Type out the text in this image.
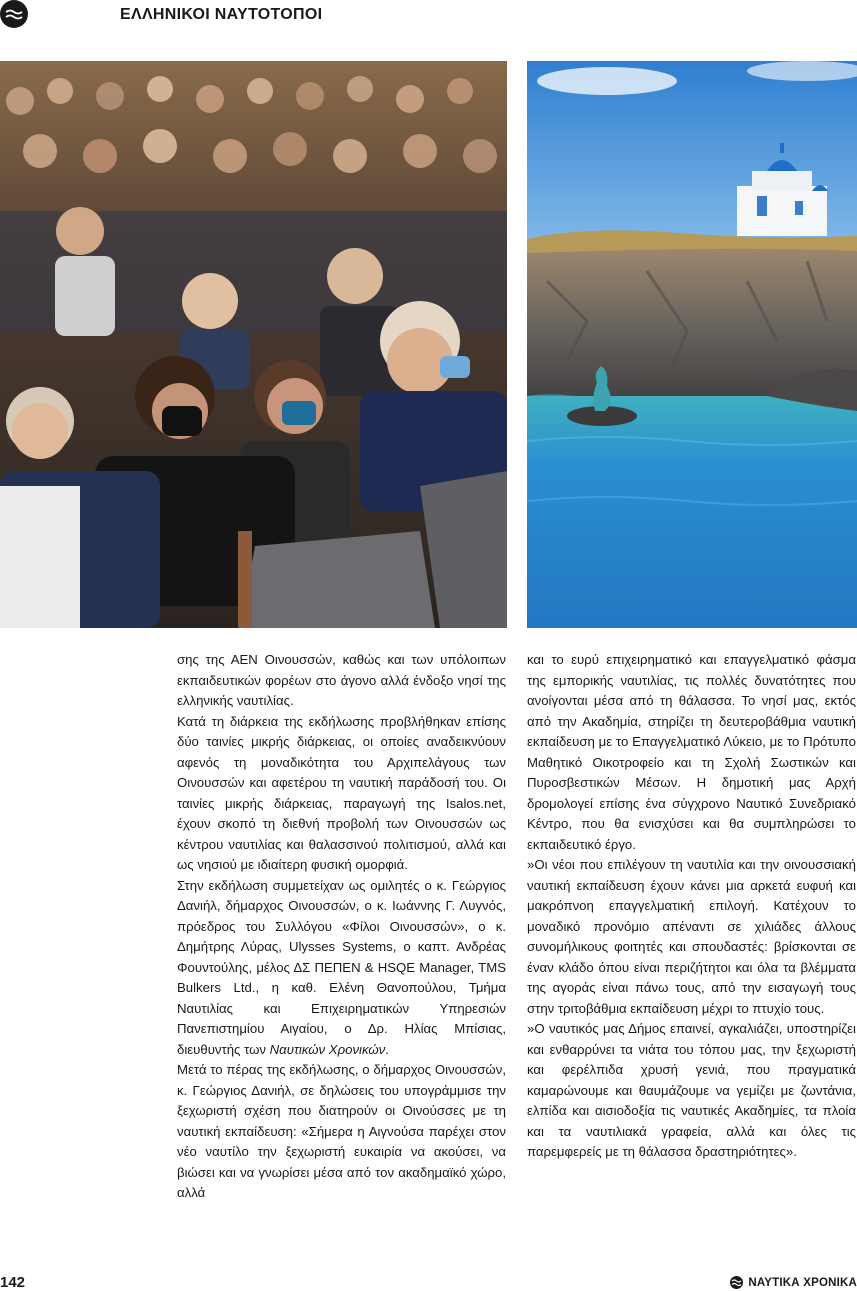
ΕΛΛΗΝΙΚΟΙ ΝΑΥΤΟΤΟΠΟΙ

σης της ΑΕΝ Οινουσσών, καθώς και των υπόλοιπων εκπαιδευτικών φορέων στο άγονο αλλά ένδοξο νησί της ελληνικής ναυτιλίας.

Κατά τη διάρκεια της εκδήλωσης προβλήθηκαν επίσης δύο ταινίες μικρής διάρκειας, οι οποίες αναδεικνύουν αφενός τη μοναδικότητα του Αρχιπελάγους των Οινουσσών και αφετέρου τη ναυτική παράδοσή του. Οι ταινίες μικρής διάρκειας, παραγωγή της Isalos.net, έχουν σκοπό τη διεθνή προβολή των Οινουσσών ως κέντρου ναυτιλίας και θαλασσινού πολιτισμού, αλλά και ως νησιού με ιδιαίτερη φυσική ομορφιά.

Στην εκδήλωση συμμετείχαν ως ομιλητές ο κ. Γεώργιος Δανιήλ, δήμαρχος Οινουσσών, ο κ. Ιωάννης Γ. Λυγνός, πρόεδρος του Συλλόγου «Φίλοι Οινουσσών», ο κ. Δημήτρης Λύρας, Ulysses Systems, ο καπτ. Ανδρέας Φουντούλης, μέλος ΔΣ ΠΕΠΕΝ & HSQE Manager, TMS Bulkers Ltd., η καθ. Ελένη Θανοπούλου, Τμήμα Ναυτιλίας και Επιχειρηματικών Υπηρεσιών Πανεπιστημίου Αιγαίου, ο Δρ. Ηλίας Μπίσιας, διευθυντής των Ναυτικών Χρονικών.

Μετά το πέρας της εκδήλωσης, ο δήμαρχος Οινουσσών, κ. Γεώργιος Δανιήλ, σε δηλώσεις του υπογράμμισε την ξεχωριστή σχέση που διατηρούν οι Οινούσσες με τη ναυτική εκπαίδευση: «Σήμερα η Αιγνούσα παρέχει στον νέο ναυτίλο την ξεχωριστή ευκαιρία να ακούσει, να βιώσει και να γνωρίσει μέσα από τον ακαδημαϊκό χώρο, αλλά

και το ευρύ επιχειρηματικό και επαγγελματικό φάσμα της εμπορικής ναυτιλίας, τις πολλές δυνατότητες που ανοίγονται μέσα από τη θάλασσα. Το νησί μας, εκτός από την Ακαδημία, στηρίζει τη δευτεροβάθμια ναυτική εκπαίδευση με το Επαγγελματικό Λύκειο, με το Πρότυπο Μαθητικό Οικοτροφείο και τη Σχολή Σωστικών και Πυροσβεστικών Μέσων. Η δημοτική μας Αρχή δρομολογεί επίσης ένα σύγχρονο Ναυτικό Συνεδριακό Κέντρο, που θα ενισχύσει και θα συμπληρώσει το εκπαιδευτικό έργο.

»Οι νέοι που επιλέγουν τη ναυτιλία και την οινουσσιακή ναυτική εκπαίδευση έχουν κάνει μια αρκετά ευφυή και μακρόπνοη επαγγελματική επιλογή. Κατέχουν το μοναδικό προνόμιο απέναντι σε χιλιάδες άλλους συνομήλικους φοιτητές και σπουδαστές: βρίσκονται σε έναν κλάδο όπου είναι περιζήτητοι και όλα τα βλέμματα της αγοράς είναι πάνω τους, από την εισαγωγή τους στην τριτοβάθμια εκπαίδευση μέχρι το πτυχίο τους.

»Ο ναυτικός μας Δήμος επαινεί, αγκαλιάζει, υποστηρίζει και ενθαρρύνει τα νιάτα του τόπου μας, την ξεχωριστή και φερέλπιδα χρυσή γενιά, που πραγματικά καμαρώνουμε και θαυμάζουμε να γεμίζει με ζωντάνια, ελπίδα και αισιοδοξία τις ναυτικές Ακαδημίες, τα πλοία και τα ναυτιλιακά γραφεία, αλλά και όλες τις παρεμφερείς με τη θάλασσα δραστηριότητες».

142	ΝΑΥΤΙΚΑ ΧΡΟΝΙΚΑ
